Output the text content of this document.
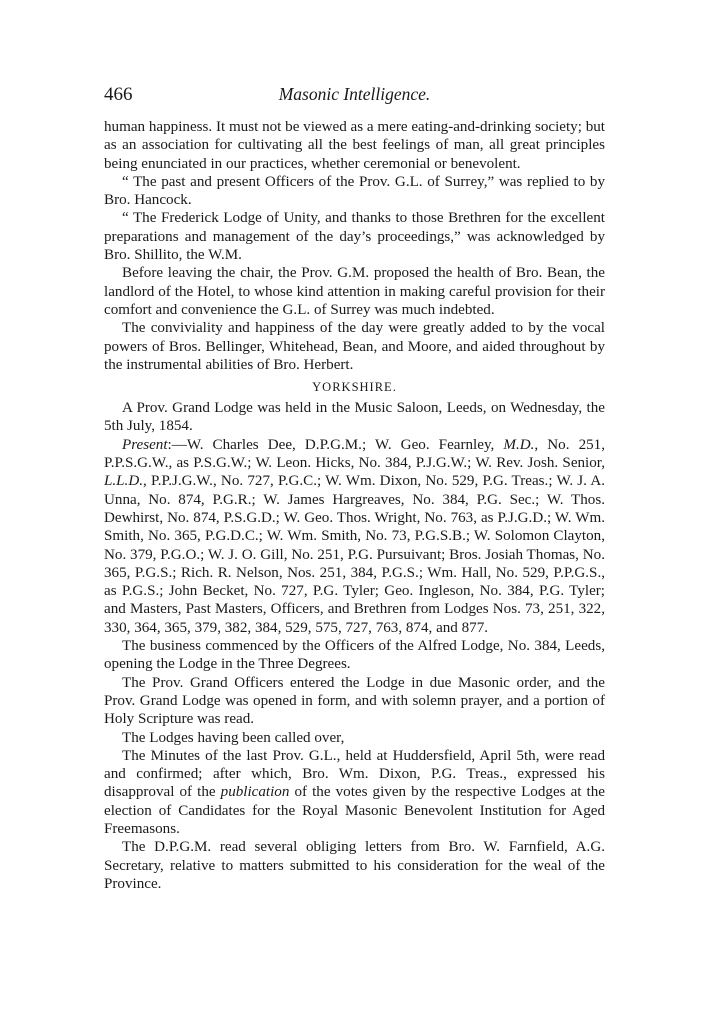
466	Masonic Intelligence.

human happiness. It must not be viewed as a mere eating-and-drinking society; but as an association for cultivating all the best feelings of man, all great principles being enunciated in our practices, whether ceremonial or benevolent.

“ The past and present Officers of the Prov. G.L. of Surrey,” was replied to by Bro. Hancock.

“ The Frederick Lodge of Unity, and thanks to those Brethren for the excellent preparations and management of the day’s proceedings,” was acknowledged by Bro. Shillito, the W.M.

Before leaving the chair, the Prov. G.M. proposed the health of Bro. Bean, the landlord of the Hotel, to whose kind attention in making careful provision for their comfort and convenience the G.L. of Surrey was much indebted.

The conviviality and happiness of the day were greatly added to by the vocal powers of Bros. Bellinger, Whitehead, Bean, and Moore, and aided throughout by the instrumental abilities of Bro. Herbert.

YORKSHIRE.

A Prov. Grand Lodge was held in the Music Saloon, Leeds, on Wednesday, the 5th July, 1854.

Present:—W. Charles Dee, D.P.G.M.; W. Geo. Fearnley, M.D., No. 251, P.P.S.G.W., as P.S.G.W.; W. Leon. Hicks, No. 384, P.J.G.W.; W. Rev. Josh. Senior, L.L.D., P.P.J.G.W., No. 727, P.G.C.; W. Wm. Dixon, No. 529, P.G. Treas.; W. J. A. Unna, No. 874, P.G.R.; W. James Hargreaves, No. 384, P.G. Sec.; W. Thos. Dewhirst, No. 874, P.S.G.D.; W. Geo. Thos. Wright, No. 763, as P.J.G.D.; W. Wm. Smith, No. 365, P.G.D.C.; W. Wm. Smith, No. 73, P.G.S.B.; W. Solomon Clayton, No. 379, P.G.O.; W. J. O. Gill, No. 251, P.G. Pursuivant; Bros. Josiah Thomas, No. 365, P.G.S.; Rich. R. Nelson, Nos. 251, 384, P.G.S.; Wm. Hall, No. 529, P.P.G.S., as P.G.S.; John Becket, No. 727, P.G. Tyler; Geo. Ingleson, No. 384, P.G. Tyler; and Masters, Past Masters, Officers, and Brethren from Lodges Nos. 73, 251, 322, 330, 364, 365, 379, 382, 384, 529, 575, 727, 763, 874, and 877.

The business commenced by the Officers of the Alfred Lodge, No. 384, Leeds, opening the Lodge in the Three Degrees.

The Prov. Grand Officers entered the Lodge in due Masonic order, and the Prov. Grand Lodge was opened in form, and with solemn prayer, and a portion of Holy Scripture was read.

The Lodges having been called over,

The Minutes of the last Prov. G.L., held at Huddersfield, April 5th, were read and confirmed; after which, Bro. Wm. Dixon, P.G. Treas., expressed his disapproval of the publication of the votes given by the respective Lodges at the election of Candidates for the Royal Masonic Benevolent Institution for Aged Freemasons.

The D.P.G.M. read several obliging letters from Bro. W. Farnfield, A.G. Secretary, relative to matters submitted to his consideration for the weal of the Province.
